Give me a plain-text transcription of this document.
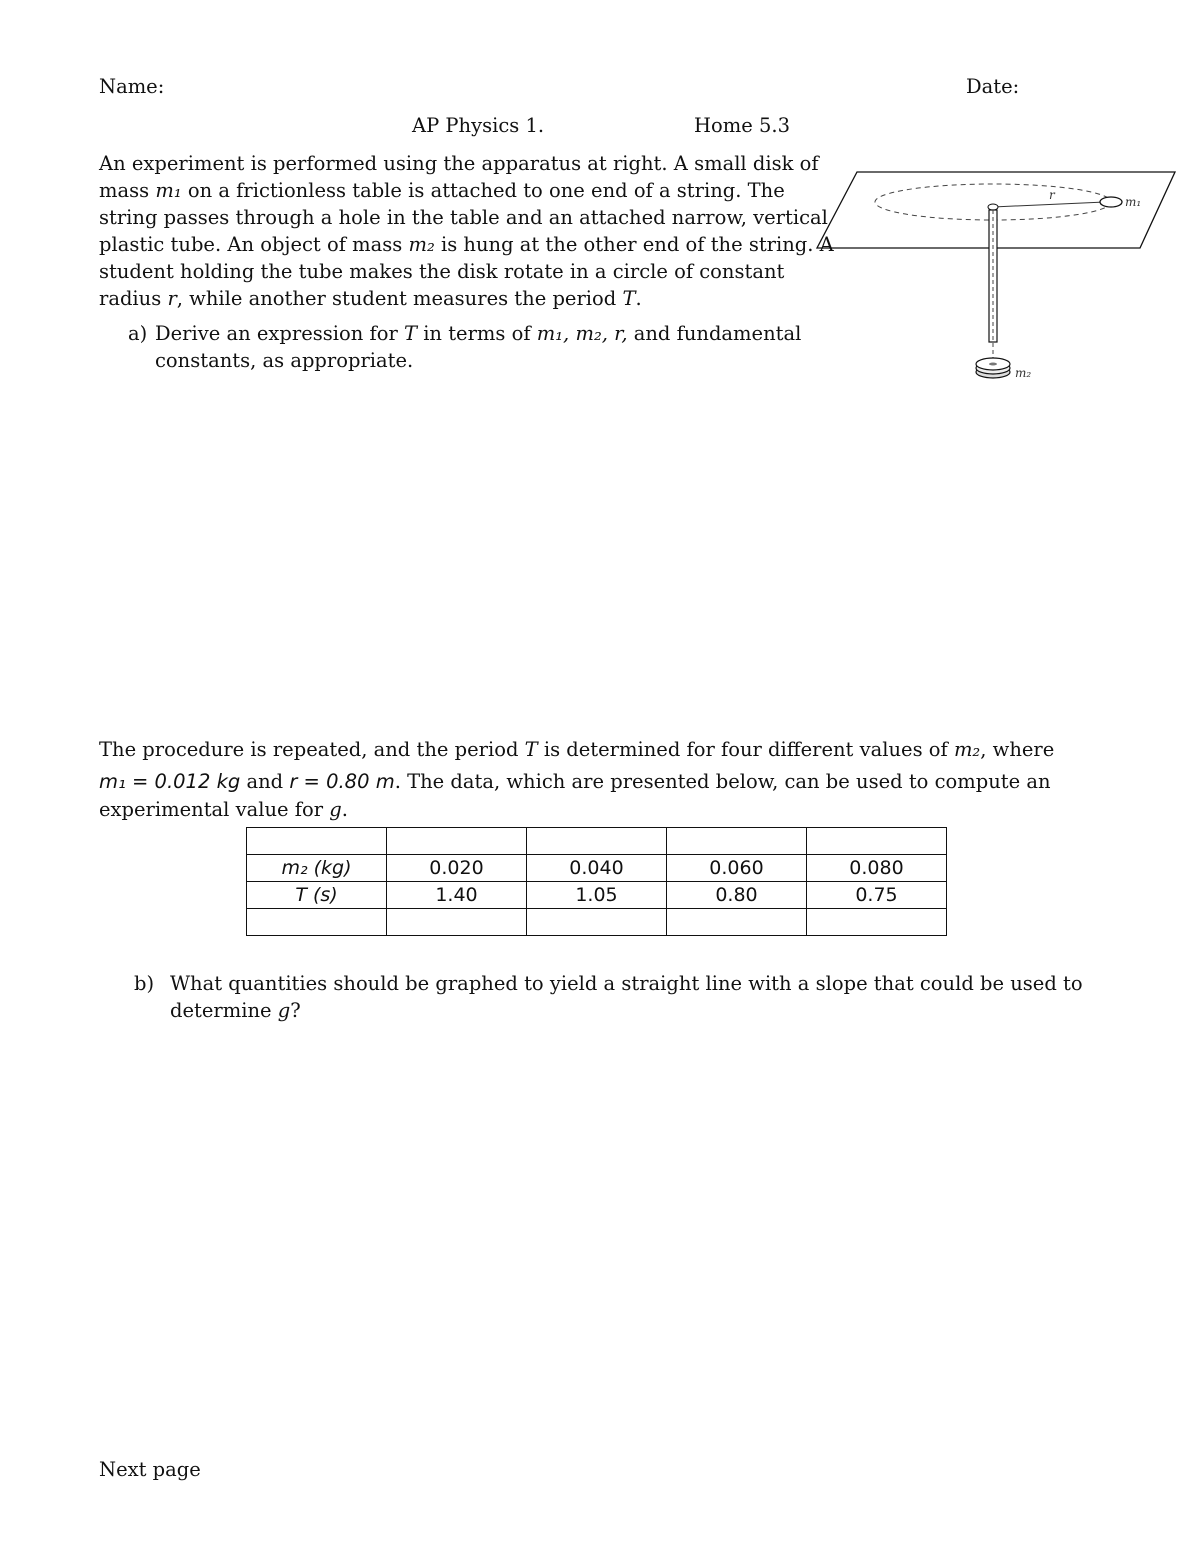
Name:	Date:
AP Physics 1.	Home 5.3
An experiment is performed using the apparatus at right. A small disk of
mass m₁ on a frictionless table is attached to one end of a string. The
string passes through a hole in the table and an attached narrow, vertical
plastic tube. An object of mass m₂ is hung at the other end of the string. A
student holding the tube makes the disk rotate in a circle of constant
radius r, while another student measures the period T.
a) Derive an expression for T in terms of m₁, m₂, r, and fundamental
constants, as appropriate.
r	m₁
m₂
The procedure is repeated, and the period T is determined for four different values of m₂, where
m₁ = 0.012 kg and r = 0.80 m. The data, which are presented below, can be used to compute an
experimental value for g.

m₂ (kg)	0.020	0.040	0.060	0.080
T (s)	1.40	1.05	0.80	0.75

b) What quantities should be graphed to yield a straight line with a slope that could be used to
determine g?
Next page
